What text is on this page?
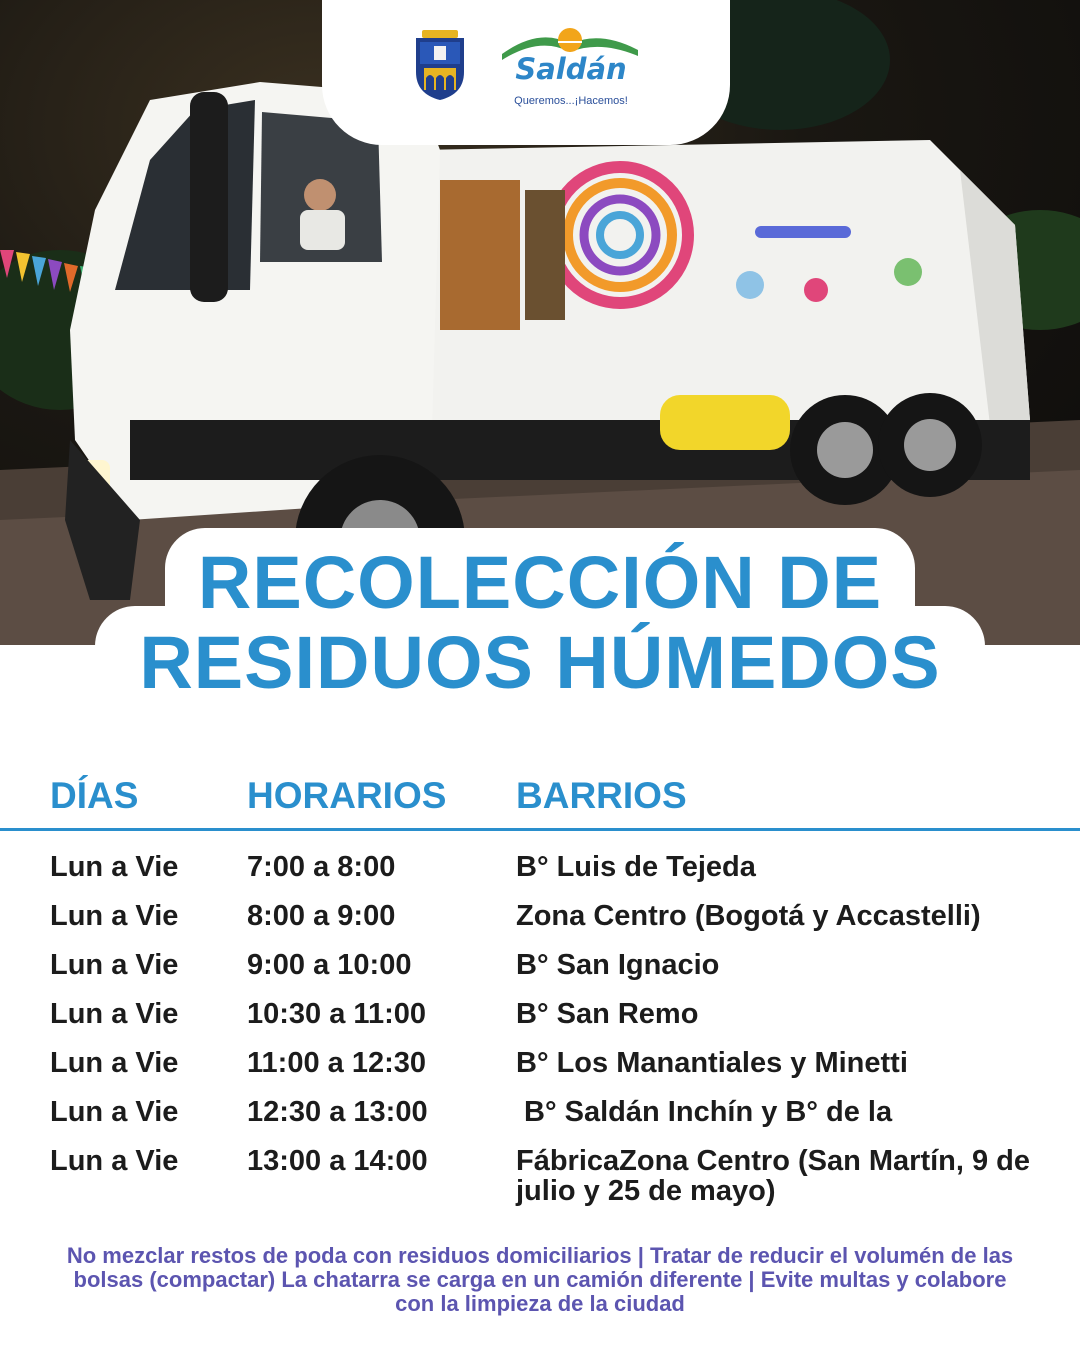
Saldán
Queremos...¡Hacemos!
RECOLECCIÓN DE
RESIDUOS HÚMEDOS
DÍAS	HORARIOS BARRIOS
Lun a Vie 7:00 a 8:00	B° Luis de Tejeda
Lun a Vie 8:00 a 9:00	Zona Centro (Bogotá y Accastelli)
Lun a Vie 9:00 a 10:00	B° San Ignacio
Lun a Vie 10:30 a 11:00	B° San Remo
Lun a Vie 11:00 a 12:30	B° Los Manantiales y Minetti
Lun a Vie 12:30 a 13:00	B° Saldán Inchín y B° de la
Lun a Vie 13:00 a 14:00	FábricaZona Centro (San Martín, 9 de julio y 25 de mayo)
No mezclar restos de poda con residuos domiciliarios | Tratar de reducir el volumén de las bolsas (compactar) La chatarra se carga en un camión diferente | Evite multas y colabore con la limpieza de la ciudad
